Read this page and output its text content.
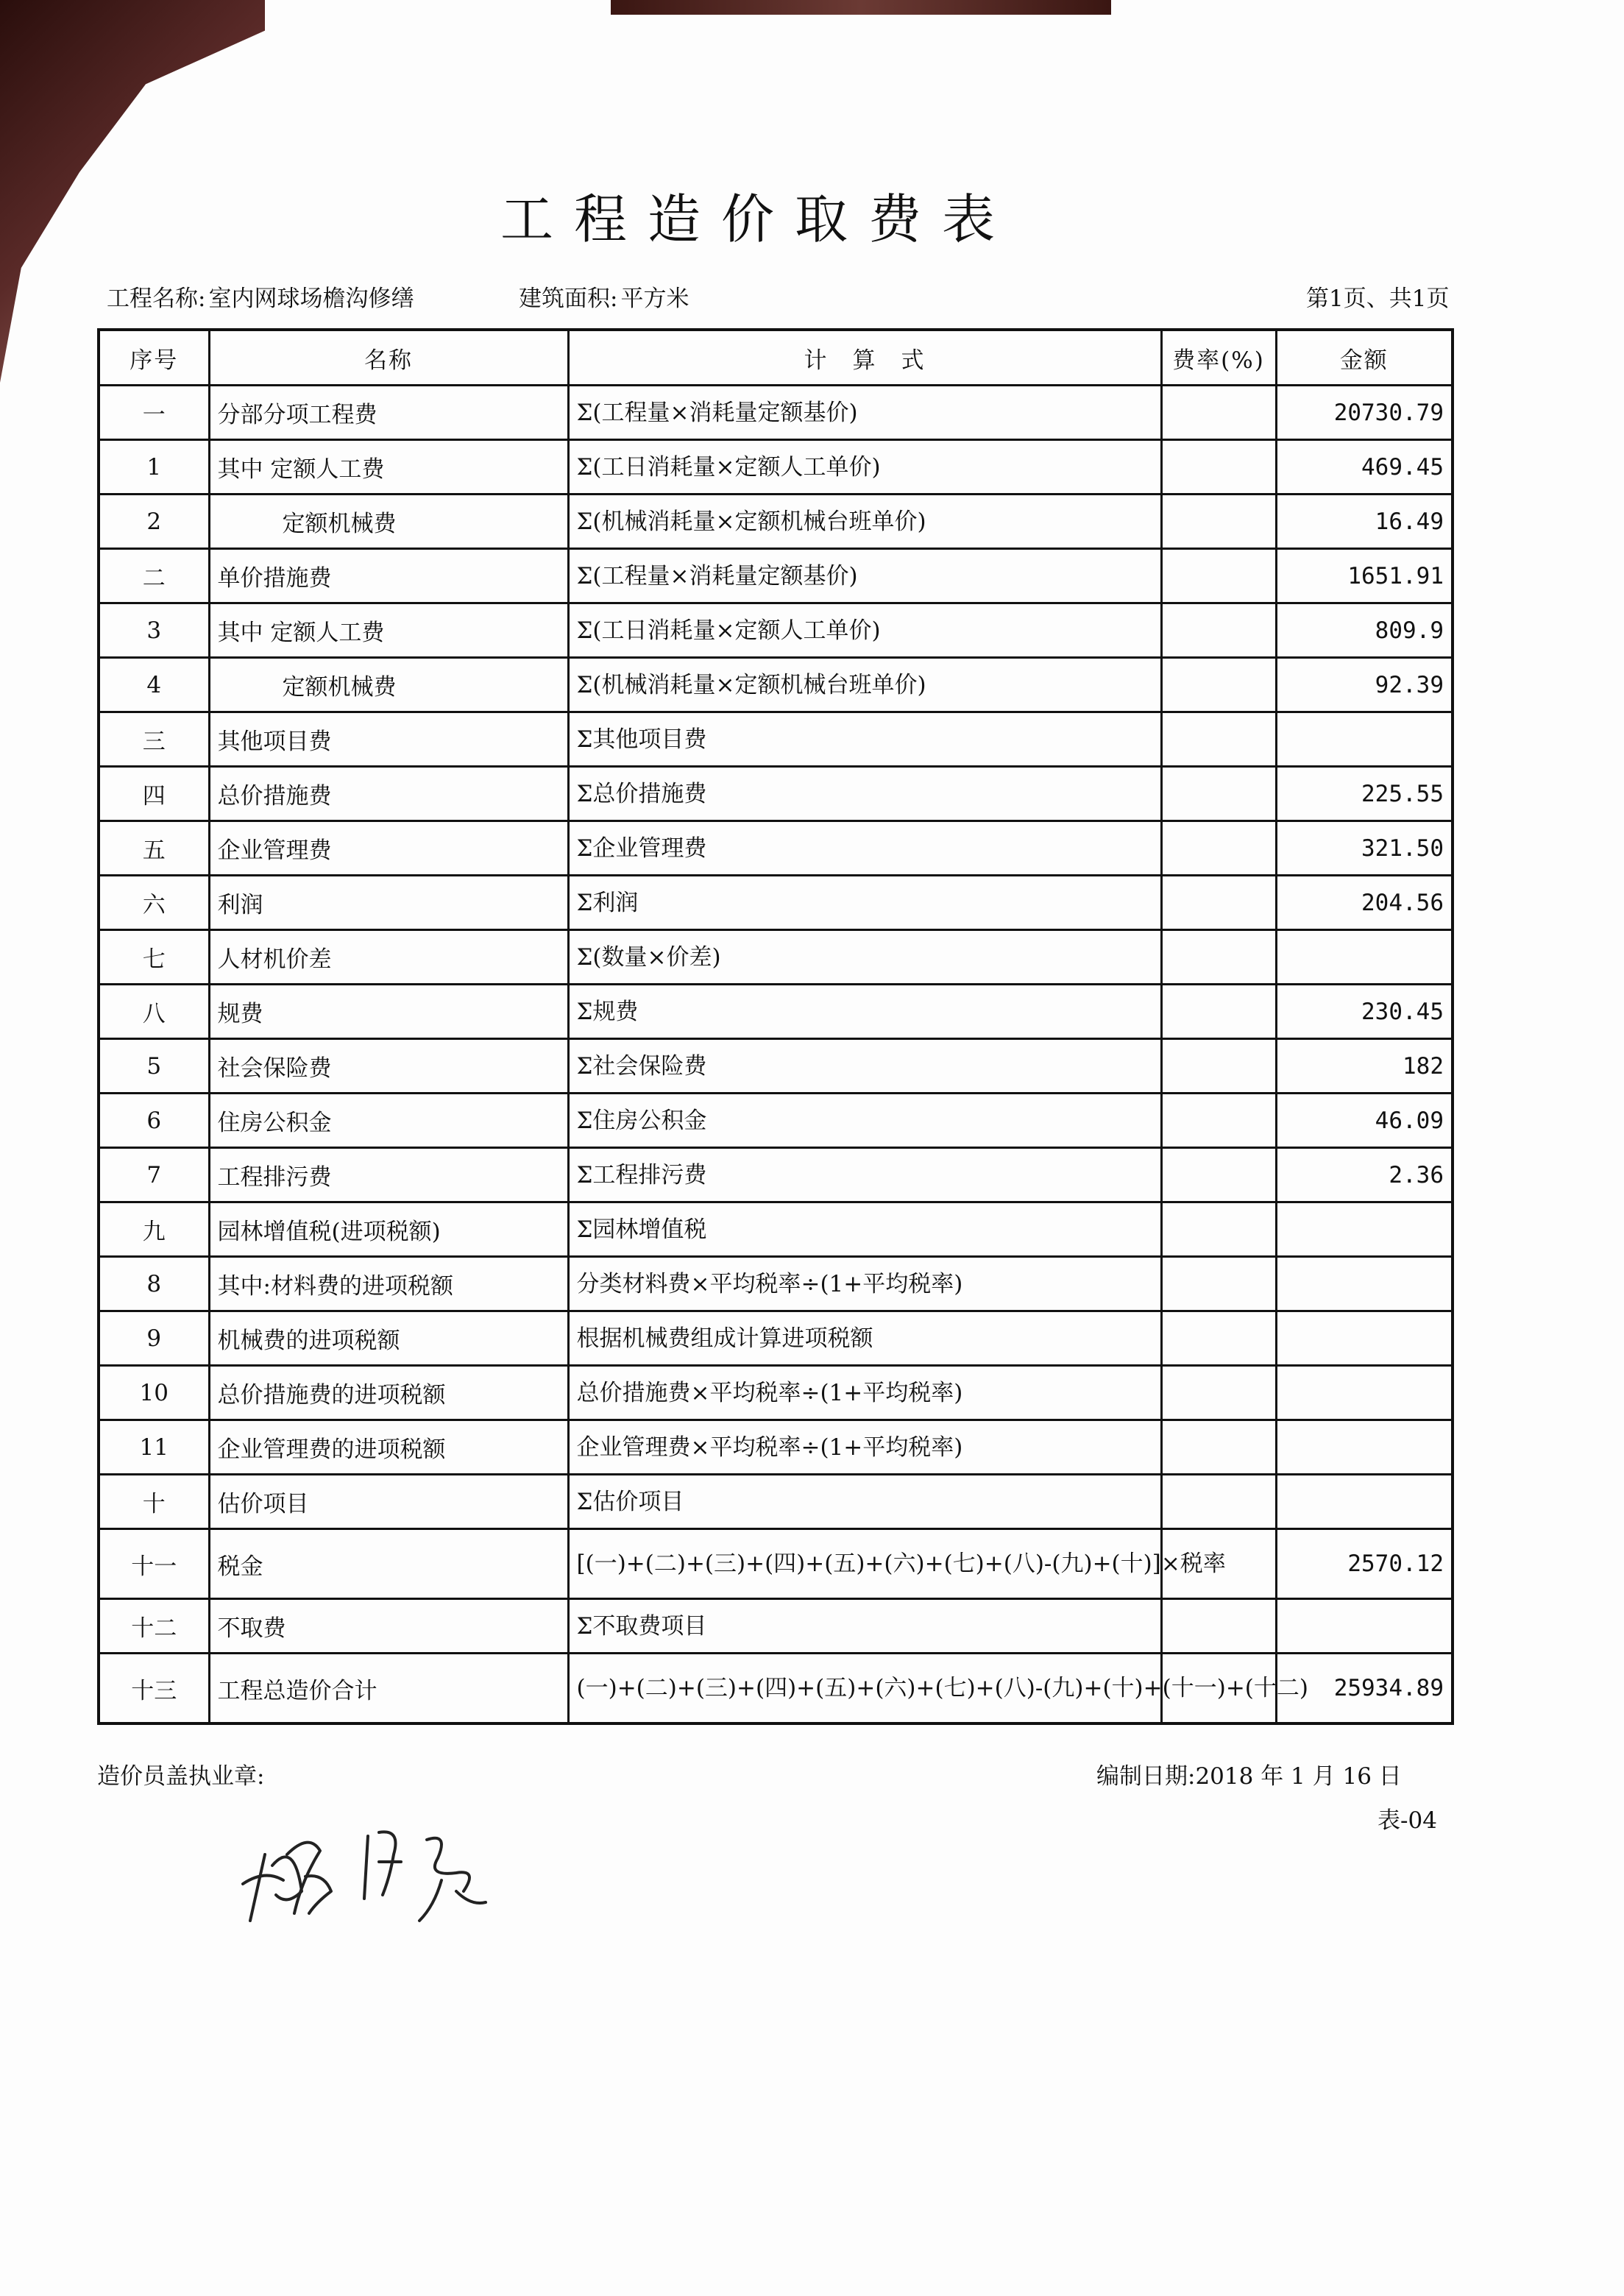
工程造价取费表
工程名称: 室内网球场檐沟修缮	建筑面积: 平方米	第1页、共1页
序号	名称	计　算　式	费率(%)	金额
一	分部分项工程费	Σ(工程量×消耗量定额基价)		20730.79
1	其中 定额人工费	Σ(工日消耗量×定额人工单价)		469.45
2	定额机械费	Σ(机械消耗量×定额机械台班单价)		16.49
二	单价措施费	Σ(工程量×消耗量定额基价)		1651.91
3	其中 定额人工费	Σ(工日消耗量×定额人工单价)		809.9
4	定额机械费	Σ(机械消耗量×定额机械台班单价)		92.39
三	其他项目费	Σ其他项目费		
四	总价措施费	Σ总价措施费		225.55
五	企业管理费	Σ企业管理费		321.50
六	利润	Σ利润		204.56
七	人材机价差	Σ(数量×价差)		
八	规费	Σ规费		230.45
5	社会保险费	Σ社会保险费		182
6	住房公积金	Σ住房公积金		46.09
7	工程排污费	Σ工程排污费		2.36
九	园林增值税(进项税额)	Σ园林增值税		
8	其中:材料费的进项税额	分类材料费×平均税率÷(1+平均税率)		
9	机械费的进项税额	根据机械费组成计算进项税额		
10	总价措施费的进项税额	总价措施费×平均税率÷(1+平均税率)		
11	企业管理费的进项税额	企业管理费×平均税率÷(1+平均税率)		
十	估价项目	Σ估价项目		
十一	税金	[(一)+(二)+(三)+(四)+(五)+(六)+(七)+(八)-(九)+(十)]×税率		2570.12
十二	不取费	Σ不取费项目		
十三	工程总造价合计	(一)+(二)+(三)+(四)+(五)+(六)+(七)+(八)-(九)+(十)+(十一)+(十二)		25934.89
造价员盖执业章:	编制日期:2018 年 1 月 16 日
表-04
